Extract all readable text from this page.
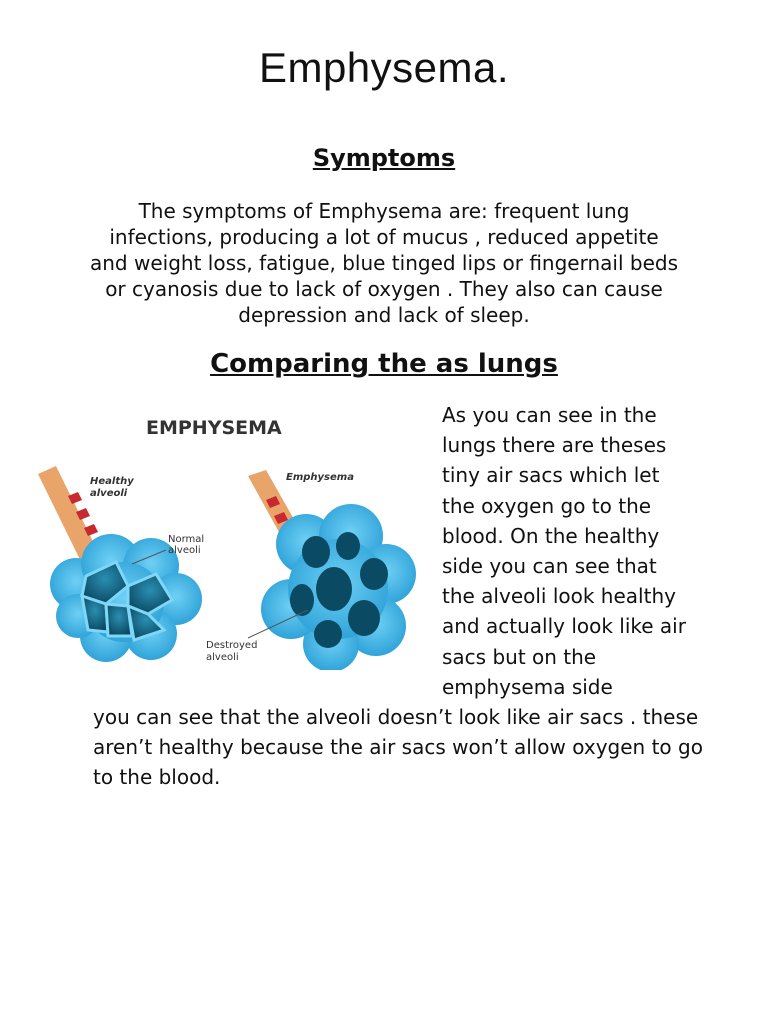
Emphysema.
Symptoms

The symptoms of Emphysema are: frequent lung infections, producing a lot of mucus , reduced appetite and weight loss, fatigue, blue tinged lips or fingernail beds or cyanosis due to lack of oxygen . They also can cause depression and lack of sleep.

Comparing the as lungs
EMPHYSEMA
Healthy
alveoli
Normal
alveoli
Emphysema
Destroyed
alveoli

As you can see in the lungs there are theses tiny air sacs which let the oxygen go to the blood. On the healthy side you can see that the alveoli look healthy and actually look like air sacs but on the emphysema side

you can see that the alveoli doesn’t look like air sacs . these aren’t healthy because the air sacs won’t allow oxygen to go to the blood.
